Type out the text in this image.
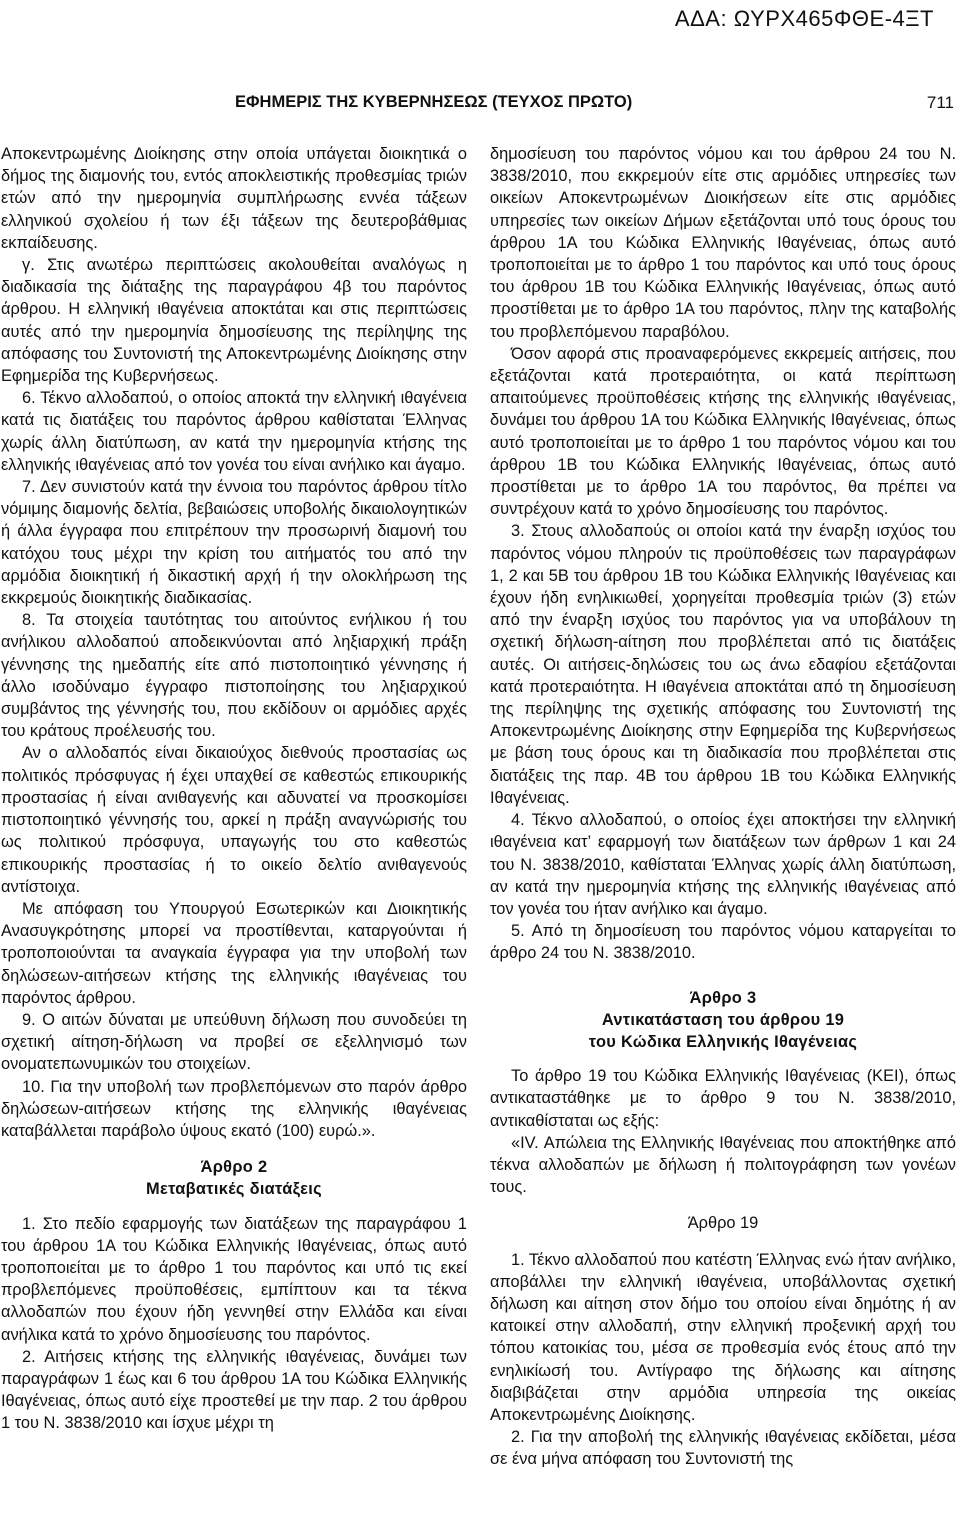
ΑΔΑ: ΩΥΡΧ465ΦΘΕ-4ΞΤ
ΕΦΗΜΕΡΙΣ ΤΗΣ ΚΥΒΕΡΝΗΣΕΩΣ (ΤΕΥΧΟΣ ΠΡΩΤΟ)	711

Αποκεντρωμένης Διοίκησης στην οποία υπάγεται διοικητικά ο δήμος της διαμονής του, εντός αποκλειστικής προθεσμίας τριών ετών από την ημερομηνία συμπλήρωσης εννέα τάξεων ελληνικού σχολείου ή των έξι τάξεων της δευτεροβάθμιας εκπαίδευσης.

γ. Στις ανωτέρω περιπτώσεις ακολουθείται αναλόγως η διαδικασία της διάταξης της παραγράφου 4β του παρόντος άρθρου. Η ελληνική ιθαγένεια αποκτάται και στις περιπτώσεις αυτές από την ημερομηνία δημοσίευσης της περίληψης της απόφασης του Συντονιστή της Αποκεντρωμένης Διοίκησης στην Εφημερίδα της Κυβερνήσεως.

6. Τέκνο αλλοδαπού, ο οποίος αποκτά την ελληνική ιθαγένεια κατά τις διατάξεις του παρόντος άρθρου καθίσταται Έλληνας χωρίς άλλη διατύπωση, αν κατά την ημερομηνία κτήσης της ελληνικής ιθαγένειας από τον γονέα του είναι ανήλικο και άγαμο.

7. Δεν συνιστούν κατά την έννοια του παρόντος άρθρου τίτλο νόμιμης διαμονής δελτία, βεβαιώσεις υποβολής δικαιολογητικών ή άλλα έγγραφα που επιτρέπουν την προσωρινή διαμονή του κατόχου τους μέχρι την κρίση του αιτήματός του από την αρμόδια διοικητική ή δικαστική αρχή ή την ολοκλήρωση της εκκρεμούς διοικητικής διαδικασίας.

8. Τα στοιχεία ταυτότητας του αιτούντος ενήλικου ή του ανήλικου αλλοδαπού αποδεικνύονται από ληξιαρχική πράξη γέννησης της ημεδαπής είτε από πιστοποιητικό γέννησης ή άλλο ισοδύναμο έγγραφο πιστοποίησης του ληξιαρχικού συμβάντος της γέννησής του, που εκδίδουν οι αρμόδιες αρχές του κράτους προέλευσής του.

Αν ο αλλοδαπός είναι δικαιούχος διεθνούς προστασίας ως πολιτικός πρόσφυγας ή έχει υπαχθεί σε καθεστώς επικουρικής προστασίας ή είναι ανιθαγενής και αδυνατεί να προσκομίσει πιστοποιητικό γέννησής του, αρκεί η πράξη αναγνώρισής του ως πολιτικού πρόσφυγα, υπαγωγής του στο καθεστώς επικουρικής προστασίας ή το οικείο δελτίο ανιθαγενούς αντίστοιχα.

Με απόφαση του Υπουργού Εσωτερικών και Διοικητικής Ανασυγκρότησης μπορεί να προστίθενται, καταργούνται ή τροποποιούνται τα αναγκαία έγγραφα για την υποβολή των δηλώσεων-αιτήσεων κτήσης της ελληνικής ιθαγένειας του παρόντος άρθρου.

9. Ο αιτών δύναται με υπεύθυνη δήλωση που συνοδεύει τη σχετική αίτηση-δήλωση να προβεί σε εξελληνισμό των ονοματεπωνυμικών του στοιχείων.

10. Για την υποβολή των προβλεπόμενων στο παρόν άρθρο δηλώσεων-αιτήσεων κτήσης της ελληνικής ιθαγένειας καταβάλλεται παράβολο ύψους εκατό (100) ευρώ.».

Άρθρο 2
Μεταβατικές διατάξεις

1. Στο πεδίο εφαρμογής των διατάξεων της παραγράφου 1 του άρθρου 1Α του Κώδικα Ελληνικής Ιθαγένειας, όπως αυτό τροποποιείται με το άρθρο 1 του παρόντος και υπό τις εκεί προβλεπόμενες προϋποθέσεις, εμπίπτουν και τα τέκνα αλλοδαπών που έχουν ήδη γεννηθεί στην Ελλάδα και είναι ανήλικα κατά το χρόνο δημοσίευσης του παρόντος.

2. Αιτήσεις κτήσης της ελληνικής ιθαγένειας, δυνάμει των παραγράφων 1 έως και 6 του άρθρου 1Α του Κώδικα Ελληνικής Ιθαγένειας, όπως αυτό είχε προστεθεί με την παρ. 2 του άρθρου 1 του Ν. 3838/2010 και ίσχυε μέχρι τη

δημοσίευση του παρόντος νόμου και του άρθρου 24 του Ν. 3838/2010, που εκκρεμούν είτε στις αρμόδιες υπηρεσίες των οικείων Αποκεντρωμένων Διοικήσεων είτε στις αρμόδιες υπηρεσίες των οικείων Δήμων εξετάζονται υπό τους όρους του άρθρου 1Α του Κώδικα Ελληνικής Ιθαγένειας, όπως αυτό τροποποιείται με το άρθρο 1 του παρόντος και υπό τους όρους του άρθρου 1Β του Κώδικα Ελληνικής Ιθαγένειας, όπως αυτό προστίθεται με το άρθρο 1Α του παρόντος, πλην της καταβολής του προβλεπόμενου παραβόλου.

Όσον αφορά στις προαναφερόμενες εκκρεμείς αιτήσεις, που εξετάζονται κατά προτεραιότητα, οι κατά περίπτωση απαιτούμενες προϋποθέσεις κτήσης της ελληνικής ιθαγένειας, δυνάμει του άρθρου 1Α του Κώδικα Ελληνικής Ιθαγένειας, όπως αυτό τροποποιείται με το άρθρο 1 του παρόντος νόμου και του άρθρου 1Β του Κώδικα Ελληνικής Ιθαγένειας, όπως αυτό προστίθεται με το άρθρο 1Α του παρόντος, θα πρέπει να συντρέχουν κατά το χρόνο δημοσίευσης του παρόντος.

3. Στους αλλοδαπούς οι οποίοι κατά την έναρξη ισχύος του παρόντος νόμου πληρούν τις προϋποθέσεις των παραγράφων 1, 2 και 5Β του άρθρου 1Β του Κώδικα Ελληνικής Ιθαγένειας και έχουν ήδη ενηλικιωθεί, χορηγείται προθεσμία τριών (3) ετών από την έναρξη ισχύος του παρόντος για να υποβάλουν τη σχετική δήλωση-αίτηση που προβλέπεται από τις διατάξεις αυτές. Οι αιτήσεις-δηλώσεις του ως άνω εδαφίου εξετάζονται κατά προτεραιότητα. Η ιθαγένεια αποκτάται από τη δημοσίευση της περίληψης της σχετικής απόφασης του Συντονιστή της Αποκεντρωμένης Διοίκησης στην Εφημερίδα της Κυβερνήσεως με βάση τους όρους και τη διαδικασία που προβλέπεται στις διατάξεις της παρ. 4Β του άρθρου 1Β του Κώδικα Ελληνικής Ιθαγένειας.

4. Τέκνο αλλοδαπού, ο οποίος έχει αποκτήσει την ελληνική ιθαγένεια κατ’ εφαρμογή των διατάξεων των άρθρων 1 και 24 του Ν. 3838/2010, καθίσταται Έλληνας χωρίς άλλη διατύπωση, αν κατά την ημερομηνία κτήσης της ελληνικής ιθαγένειας από τον γονέα του ήταν ανήλικο και άγαμο.

5. Από τη δημοσίευση του παρόντος νόμου καταργείται το άρθρο 24 του Ν. 3838/2010.

Άρθρο 3
Αντικατάσταση του άρθρου 19
του Κώδικα Ελληνικής Ιθαγένειας

Το άρθρο 19 του Κώδικα Ελληνικής Ιθαγένειας (ΚΕΙ), όπως αντικαταστάθηκε με το άρθρο 9 του Ν. 3838/2010, αντικαθίσταται ως εξής:

«IV. Απώλεια της Ελληνικής Ιθαγένειας που αποκτήθηκε από τέκνα αλλοδαπών με δήλωση ή πολιτογράφηση των γονέων τους.

Άρθρο 19

1. Τέκνο αλλοδαπού που κατέστη Έλληνας ενώ ήταν ανήλικο, αποβάλλει την ελληνική ιθαγένεια, υποβάλλοντας σχετική δήλωση και αίτηση στον δήμο του οποίου είναι δημότης ή αν κατοικεί στην αλλοδαπή, στην ελληνική προξενική αρχή του τόπου κατοικίας του, μέσα σε προθεσμία ενός έτους από την ενηλικίωσή του. Αντίγραφο της δήλωσης και αίτησης διαβιβάζεται στην αρμόδια υπηρεσία της οικείας Αποκεντρωμένης Διοίκησης.

2. Για την αποβολή της ελληνικής ιθαγένειας εκδίδεται, μέσα σε ένα μήνα απόφαση του Συντονιστή της
